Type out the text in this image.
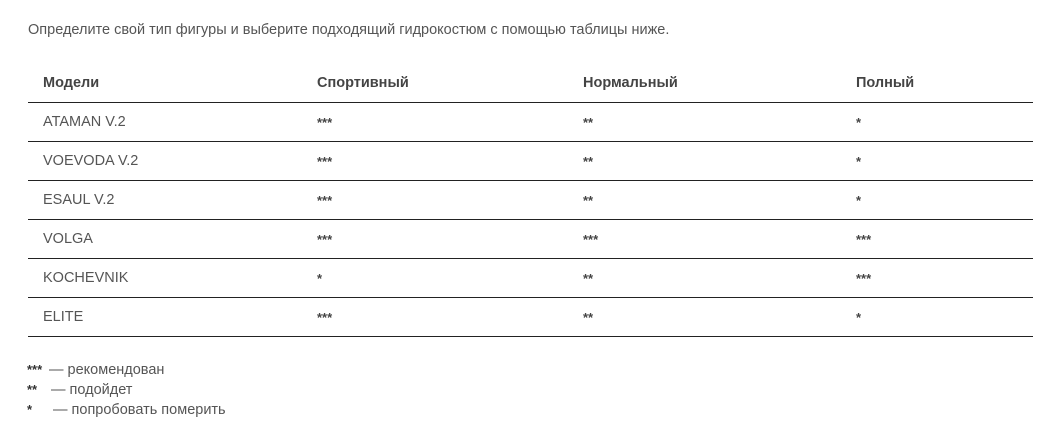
Определите свой тип фигуры и выберите подходящий гидрокостюм с помощью таблицы ниже.
Модели	Спортивный	Нормальный	Полный
ATAMAN V.2	***	**	*
VOEVODA V.2	***	**	*
ESAUL V.2	***	**	*
VOLGA	***	***	***
KOCHEVNIK	*	**	***
ELITE	***	**	*
*** — рекомендован
** — подойдет
*	— попробовать померить
